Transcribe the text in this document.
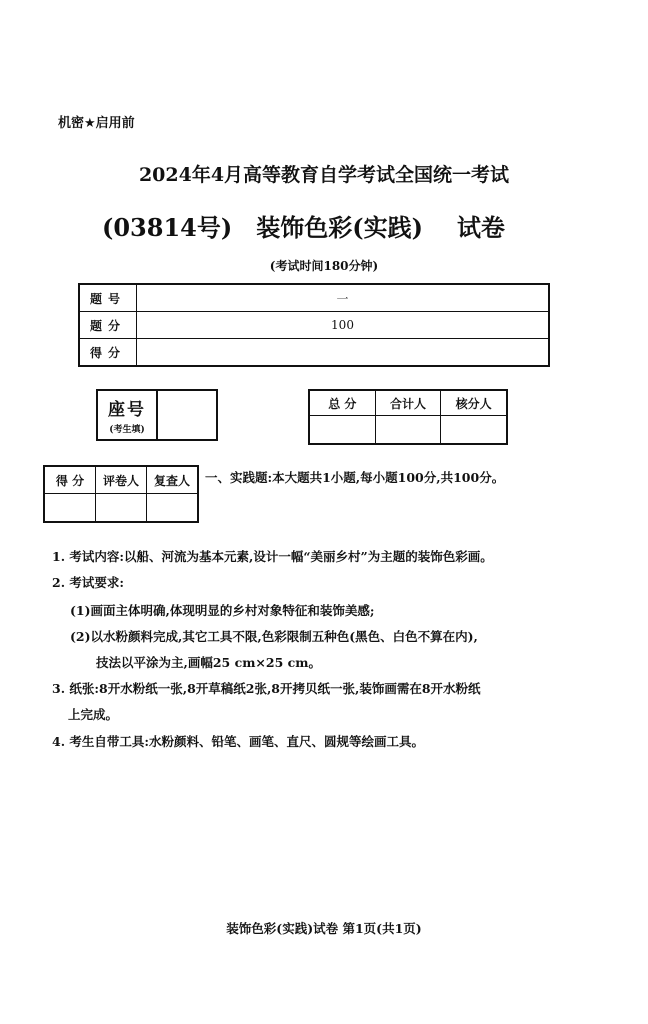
机密★启用前
2024年4月高等教育自学考试全国统一考试
(03814号) 装饰色彩(实践) 试卷
(考试时间180分钟)
题号	一
题分	100
得分	
座号
(考生填)
总 分	合计人	核分人

得 分	评卷人	复查人
		一、实践题:本大题共1小题,每小题100分,共100分。
1. 考试内容:以船、河流为基本元素,设计一幅“美丽乡村”为主题的装饰色彩画。
2. 考试要求:
(1)画面主体明确,体现明显的乡村对象特征和装饰美感;
(2)以水粉颜料完成,其它工具不限,色彩限制五种色(黑色、白色不算在内),
技法以平涂为主,画幅25 cm×25 cm。
3. 纸张:8开水粉纸一张,8开草稿纸2张,8开拷贝纸一张,装饰画需在8开水粉纸
上完成。
4. 考生自带工具:水粉颜料、铅笔、画笔、直尺、圆规等绘画工具。
装饰色彩(实践)试卷 第1页(共1页)
